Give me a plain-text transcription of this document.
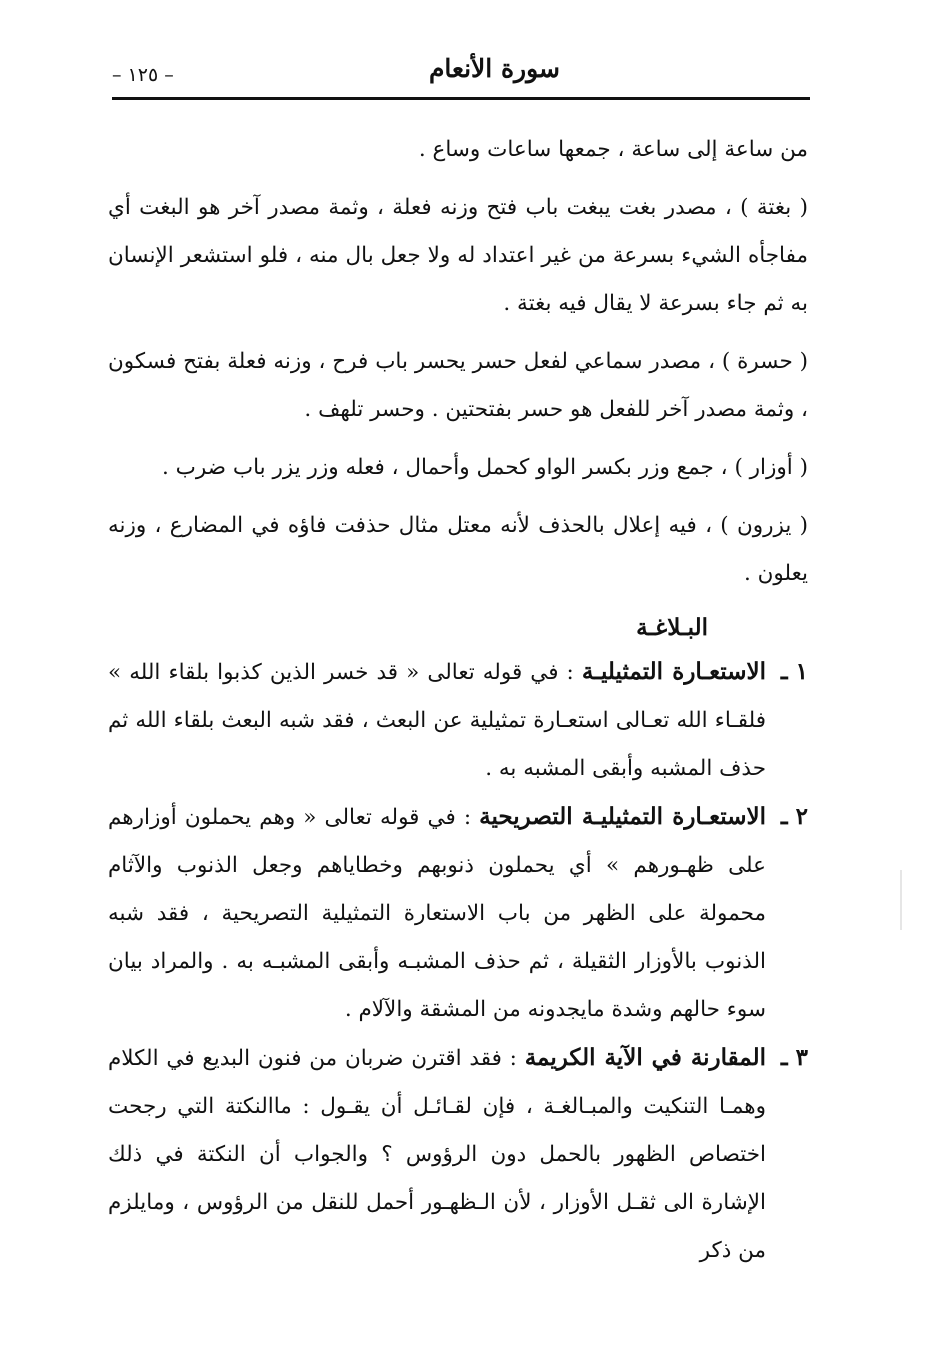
سورة الأنعام
– ١٢٥ –

من ساعة إلى ساعة ، جمعها ساعات وساع .

( بغتة ) ، مصدر بغت يبغت باب فتح وزنه فعلة ، وثمة مصدر آخر هو البغت أي مفاجأه الشيء بسرعة من غير اعتداد له ولا جعل بال منه ، فلو استشعر الإنسان به ثم جاء بسرعة لا يقال فيه بغتة .

( حسرة ) ، مصدر سماعي لفعل حسر يحسر باب فرح ، وزنه فعلة بفتح فسكون ، وثمة مصدر آخر للفعل هو حسر بفتحتين . وحسر تلهف .

( أوزار ) ، جمع وزر بكسر الواو كحمل وأحمال ، فعله وزر يزر باب ضرب .

( يزرون ) ، فيه إعلال بالحذف لأنه معتل مثال حذفت فاؤه في المضارع ، وزنه يعلون .

البـلاغـة

١ ـ
الاستعـارة التمثيليـة : في قوله تعالى « قد خسر الذين كذبوا بلقاء الله » فلقـاء الله تعـالى استعـارة تمثيلية عن البعث ، فقد شبه البعث بلقاء الله ثم حذف المشبه وأبقى المشبه به .

٢ ـ
الاستعـارة التمثيليـة التصريحية : في قوله تعالى « وهم يحملون أوزارهم على ظهـورهم » أي يحملون ذنوبهم وخطاياهم وجعل الذنوب والآثام محمولة على الظهر من باب الاستعارة التمثيلية التصريحية ، فقد شبه الذنوب بالأوزار الثقيلة ، ثم حذف المشبـه وأبقى المشبـه به . والمراد بيان سوء حالهم وشدة مايجدونه من المشقة والآلام .

٣ ـ
المقارنة في الآية الكريمة : فقد اقترن ضربان من فنون البديع في الكلام وهمـا التنكيت والمبـالغـة ، فإن لقـائـل أن يقـول : ماالنكتة التي رجحت اختصاص الظهور بالحمل دون الرؤوس ؟ والجواب أن النكتة في ذلك الإشارة الى ثقـل الأوزار ، لأن الـظهـور أحمل للنقل من الرؤوس ، ومايلزم من ذكر
